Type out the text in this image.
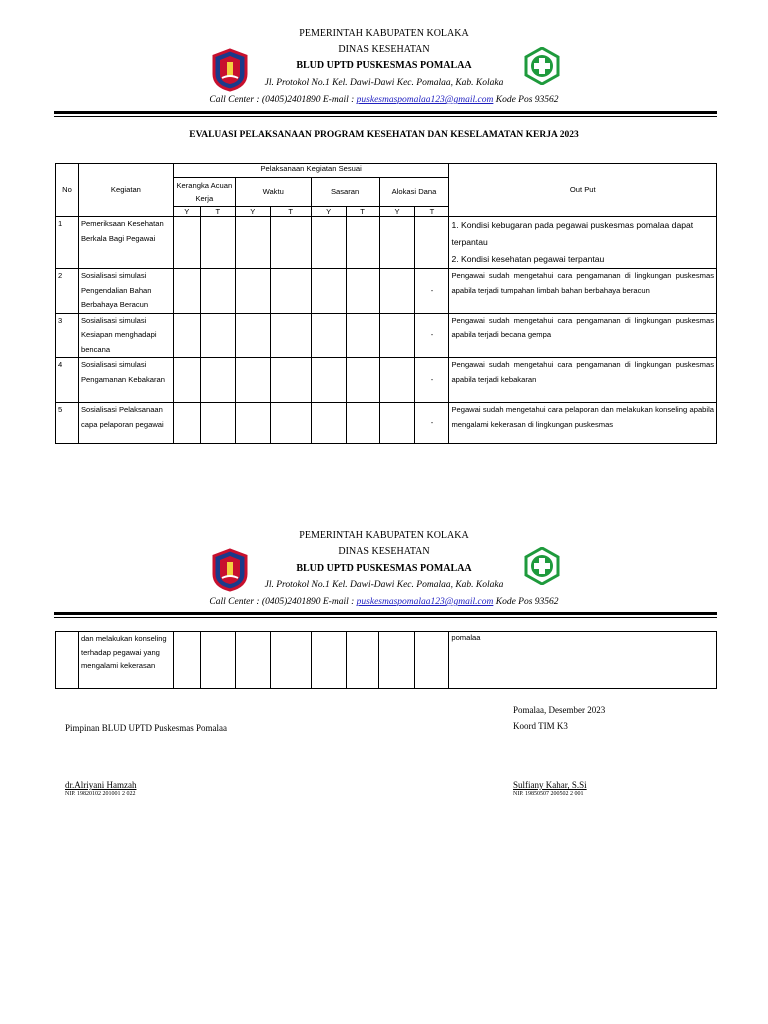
PEMERINTAH KABUPATEN KOLAKA
DINAS KESEHATAN
BLUD UPTD PUSKESMAS POMALAA
Jl. Protokol No.1 Kel. Dawi-Dawi Kec. Pomalaa, Kab. Kolaka
Call Center : (0405)2401890 E-mail : puskesmaspomalaa123@gmail.com Kode Pos 93562
EVALUASI PELAKSANAAN PROGRAM KESEHATAN DAN KESELAMATAN KERJA 2023
No	Kegiatan	Pelaksanaan Kegiatan Sesuai								Out Put
		Kerangka Acuan Kerja		Waktu		Sasaran		Alokasi Dana		
		Y	T	Y	T	Y	T	Y	T	
1	Pemeriksaan Kesehatan Berkala Bagi Pegawai									1. Kondisi kebugaran pada pegawai puskesmas pomalaa dapat terpantau
2. Kondisi kesehatan pegawai terpantau

2	Sosialisasi simulasi Pengendalian Bahan Berbahaya Beracun								-	Pengawai sudah mengetahui cara pengamanan di lingkungan puskesmas apabila terjadi tumpahan limbah bahan berbahaya beracun
3	Sosialisasi simulasi Kesiapan menghadapi bencana								-	Pengawai sudah mengetahui cara pengamanan di lingkungan puskesmas apabila terjadi becana gempa
4	Sosialisasi simulasi Pengamanan Kebakaran								-	Pengawai sudah mengetahui cara pengamanan di lingkungan puskesmas apabila terjadi kebakaran
5	Sosialisasi Pelaksanaan capa pelaporan pegawai								-	Pegawai sudah mengetahui cara pelaporan dan melakukan konseling apabila mengalami kekerasan di lingkungan puskesmas
PEMERINTAH KABUPATEN KOLAKA
DINAS KESEHATAN
BLUD UPTD PUSKESMAS POMALAA
Jl. Protokol No.1 Kel. Dawi-Dawi Kec. Pomalaa, Kab. Kolaka
Call Center : (0405)2401890 E-mail : puskesmaspomalaa123@gmail.com Kode Pos 93562
	dan melakukan konseling terhadap pegawai yang mengalami kekerasan									pomalaa
Pomalaa, Desember 2023
Koord TIM K3
Pimpinan BLUD UPTD Puskesmas Pomalaa
dr.Alriyani Hamzah
NIP. 19820102 201001 2 022
Sulfiany Kahar, S.Si
NIP. 19850507 200502 2 001
